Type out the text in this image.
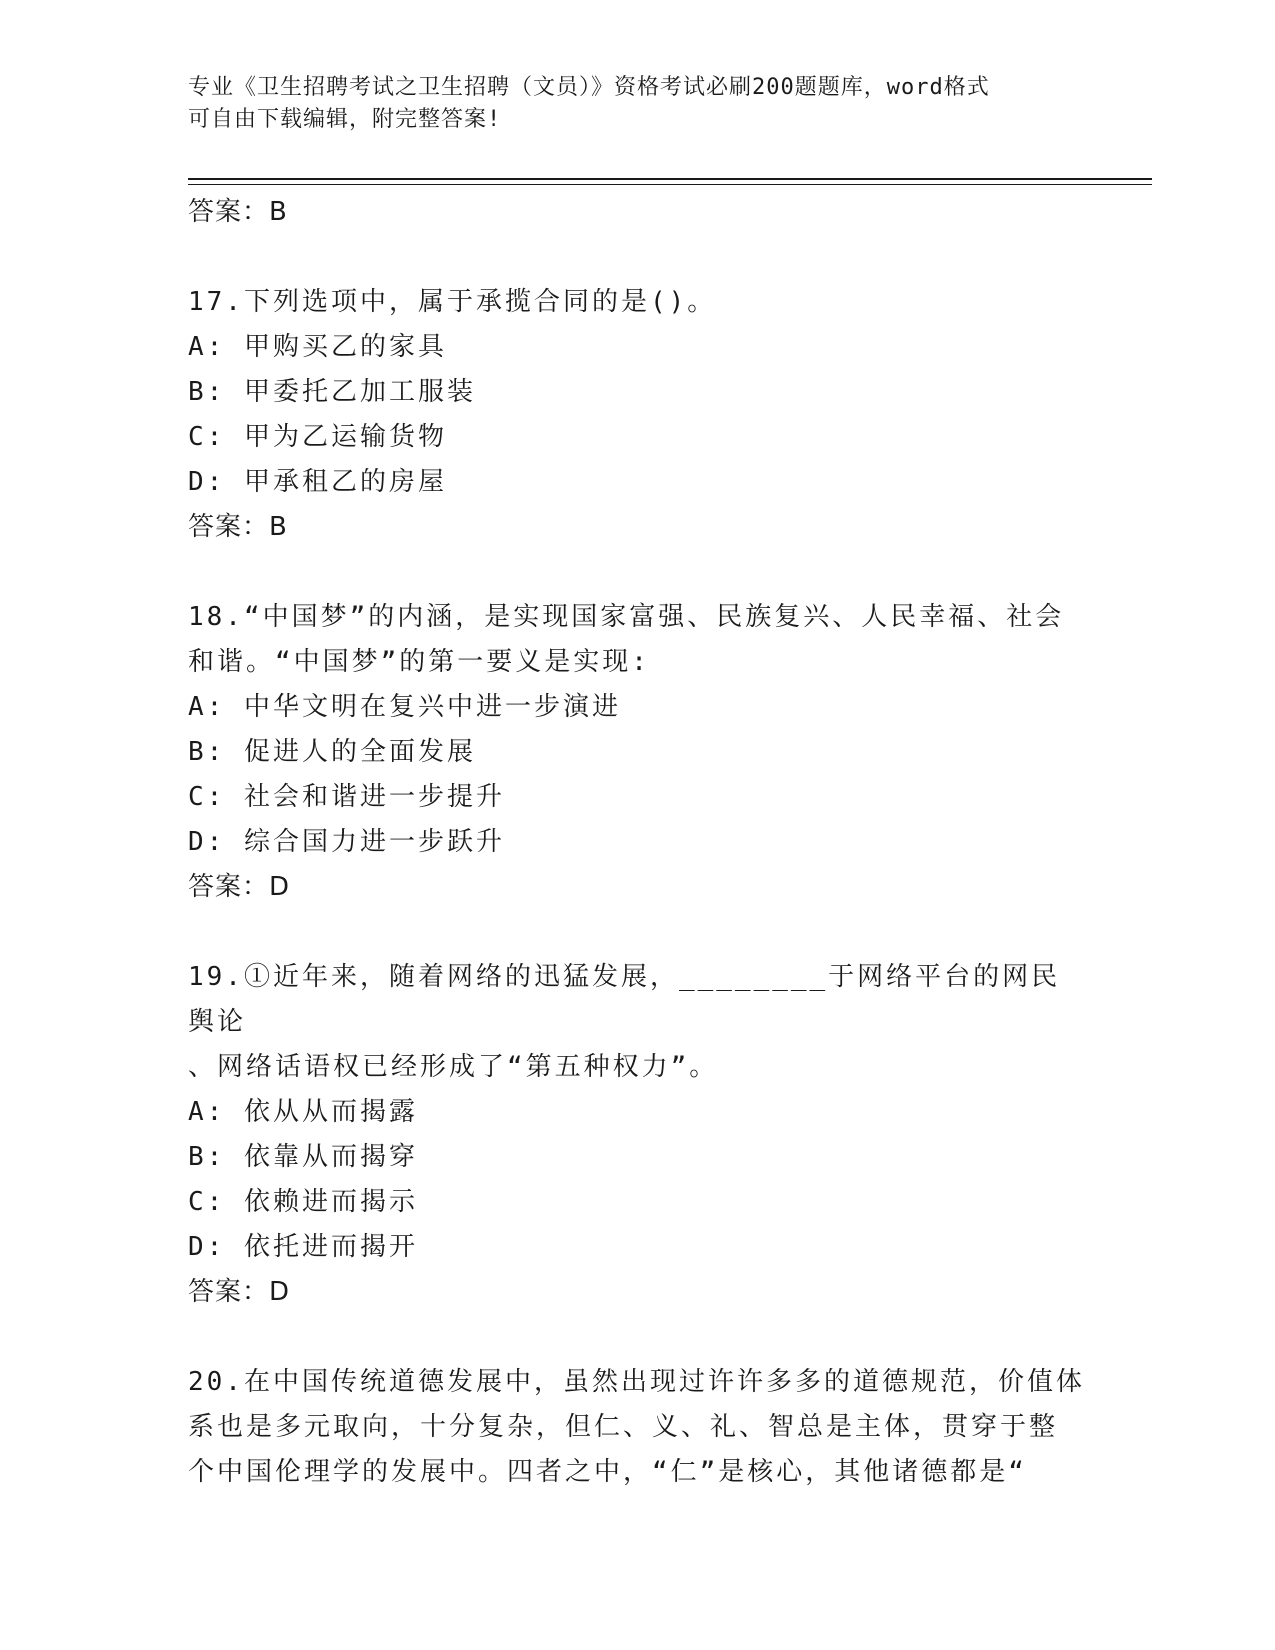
专业《卫生招聘考试之卫生招聘（文员）》资格考试必刷200题题库，word格式
可自由下载编辑，附完整答案!
答案：B
17.下列选项中，属于承揽合同的是()。
A: 甲购买乙的家具
B: 甲委托乙加工服装
C: 甲为乙运输货物
D: 甲承租乙的房屋
答案：B
18.“中国梦”的内涵，是实现国家富强、民族复兴、人民幸福、社会
和谐。“中国梦”的第一要义是实现:
A: 中华文明在复兴中进一步演进
B: 促进人的全面发展
C: 社会和谐进一步提升
D: 综合国力进一步跃升
答案：D
19.①近年来，随着网络的迅猛发展，________于网络平台的网民舆论
、网络话语权已经形成了“第五种权力”。
A: 依从从而揭露
B: 依靠从而揭穿
C: 依赖进而揭示
D: 依托进而揭开
答案：D
20.在中国传统道德发展中，虽然出现过许许多多的道德规范，价值体
系也是多元取向，十分复杂，但仁、义、礼、智总是主体，贯穿于整
个中国伦理学的发展中。四者之中，“仁”是核心，其他诸德都是“
